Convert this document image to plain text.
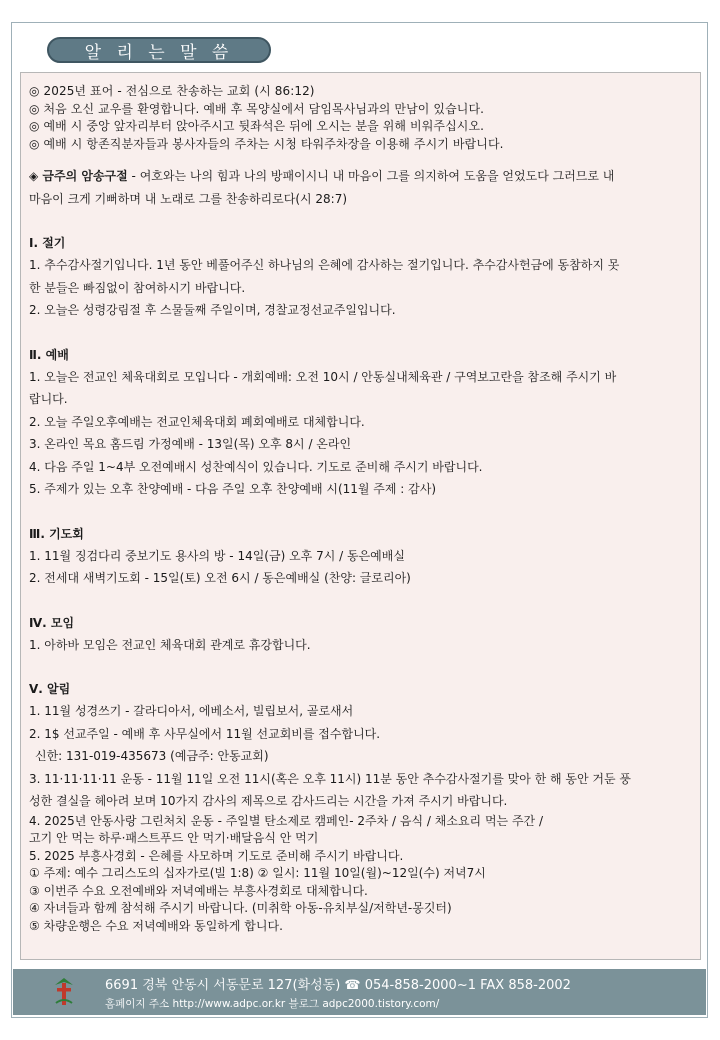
알 리 는 말 씀
◎ 2025년 표어 - 전심으로 찬송하는 교회 (시 86:12)
◎ 처음 오신 교우를 환영합니다. 예배 후 목양실에서 담임목사님과의 만남이 있습니다.
◎ 예배 시 중앙 앞자리부터 앉아주시고 뒷좌석은 뒤에 오시는 분을 위해 비워주십시오.
◎ 예배 시 항존직분자들과 봉사자들의 주차는 시청 타워주차장을 이용해 주시기 바랍니다.
◈ 금주의 암송구절 - 여호와는 나의 힘과 나의 방패이시니 내 마음이 그를 의지하여 도움을 얻었도다 그러므로 내
마음이 크게 기뻐하며 내 노래로 그를 찬송하리로다(시 28:7)
Ⅰ. 절기
1. 추수감사절기입니다. 1년 동안 베풀어주신 하나님의 은혜에 감사하는 절기입니다. 추수감사헌금에 동참하지 못
한 분들은 빠짐없이 참여하시기 바랍니다.
2. 오늘은 성령강림절 후 스물둘째 주일이며, 경찰교정선교주일입니다.
Ⅱ. 예배
1. 오늘은 전교인 체육대회로 모입니다 - 개회예배: 오전 10시 / 안동실내체육관 / 구역보고란을 참조해 주시기 바
랍니다.
2. 오늘 주일오후예배는 전교인체육대회 폐회예배로 대체합니다.
3. 온라인 목요 홈드림 가정예배 - 13일(목) 오후 8시 / 온라인
4. 다음 주일 1~4부 오전예배시 성찬예식이 있습니다. 기도로 준비해 주시기 바랍니다.
5. 주제가 있는 오후 찬양예배 - 다음 주일 오후 찬양예배 시(11월 주제 : 감사)
Ⅲ. 기도회
1. 11월 징검다리 중보기도 용사의 방 - 14일(금) 오후 7시 / 동은예배실
2. 전세대 새벽기도회 - 15일(토) 오전 6시 / 동은예배실 (찬양: 글로리아)
Ⅳ. 모임
1. 아하바 모임은 전교인 체육대회 관계로 휴강합니다.
Ⅴ. 알림
1. 11월 성경쓰기 - 갈라디아서, 에베소서, 빌립보서, 골로새서
2. 1$ 선교주일 - 예배 후 사무실에서 11월 선교회비를 접수합니다.
신한: 131-019-435673 (예금주: 안동교회)
3. 11·11·11·11 운동 - 11월 11일 오전 11시(혹은 오후 11시) 11분 동안 추수감사절기를 맞아 한 해 동안 거둔 풍
성한 결실을 헤아려 보며 10가지 감사의 제목으로 감사드리는 시간을 가져 주시기 바랍니다.
4. 2025년 안동사랑 그린처치 운동 - 주일별 탄소제로 캠페인- 2주차 / 음식 / 채소요리 먹는 주간 /
고기 안 먹는 하루·패스트푸드 안 먹기·배달음식 안 먹기
5. 2025 부흥사경회 - 은혜를 사모하며 기도로 준비해 주시기 바랍니다.
① 주제: 예수 그리스도의 십자가로(빌 1:8) ② 일시: 11월 10일(월)~12일(수) 저녁7시
③ 이번주 수요 오전예배와 저녁예배는 부흥사경회로 대체합니다.
④ 자녀들과 함께 참석해 주시기 바랍니다. (미취학 아동-유치부실/저학년-몽깃터)
⑤ 차량운행은 수요 저녁예배와 동일하게 합니다.
6691 경북 안동시 서동문로 127(화성동) ☎ 054-858-2000~1 FAX 858-2002
홈페이지 주소 http://www.adpc.or.kr 블로그 adpc2000.tistory.com/
